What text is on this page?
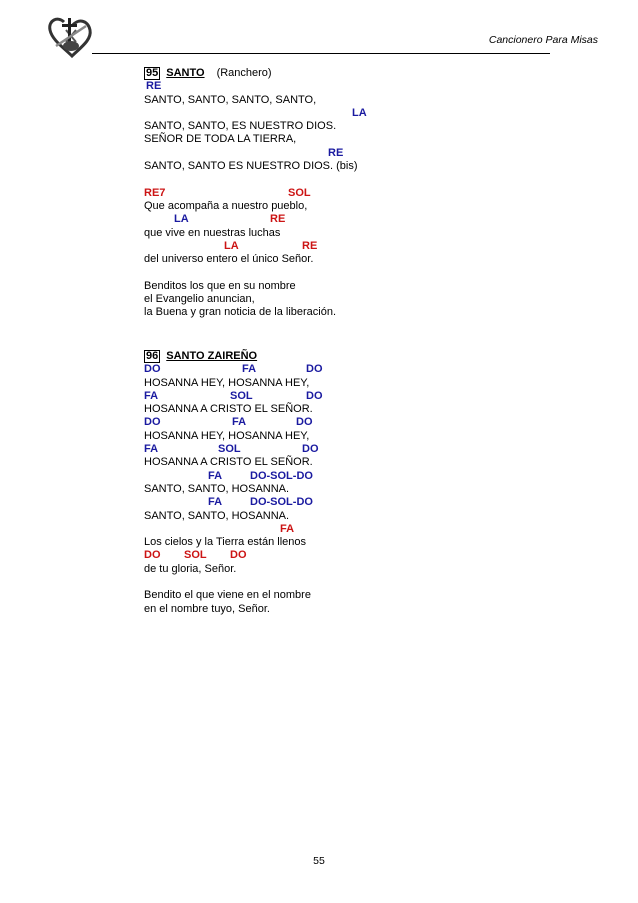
Cancionero Para Misas
95 SANTO (Ranchero)
RE
SANTO, SANTO, SANTO, SANTO,
LA
SANTO, SANTO, ES NUESTRO DIOS.
SEÑOR DE TODA LA TIERRA,
RE
SANTO, SANTO ES NUESTRO DIOS. (bis)
RE7	SOL
Que acompaña a nuestro pueblo,
LA	RE
que vive en nuestras luchas
LA	RE
del universo entero el único Señor.
Benditos los que en su nombre
el Evangelio anuncian,
la Buena y gran noticia de la liberación.
96 SANTO ZAIREÑO
DO	FA	DO
HOSANNA HEY, HOSANNA HEY,
FA	SOL	DO
HOSANNA A CRISTO EL SEÑOR.
DO	FA	DO
HOSANNA HEY, HOSANNA HEY,
FA	SOL	DO
HOSANNA A CRISTO EL SEÑOR.
FA	DO-SOL-DO
SANTO, SANTO, HOSANNA.
FA	DO-SOL-DO
SANTO, SANTO, HOSANNA.
FA
Los cielos y la Tierra están llenos
DO SOL DO
de tu gloria, Señor.
Bendito el que viene en el nombre
en el nombre tuyo, Señor.
55
